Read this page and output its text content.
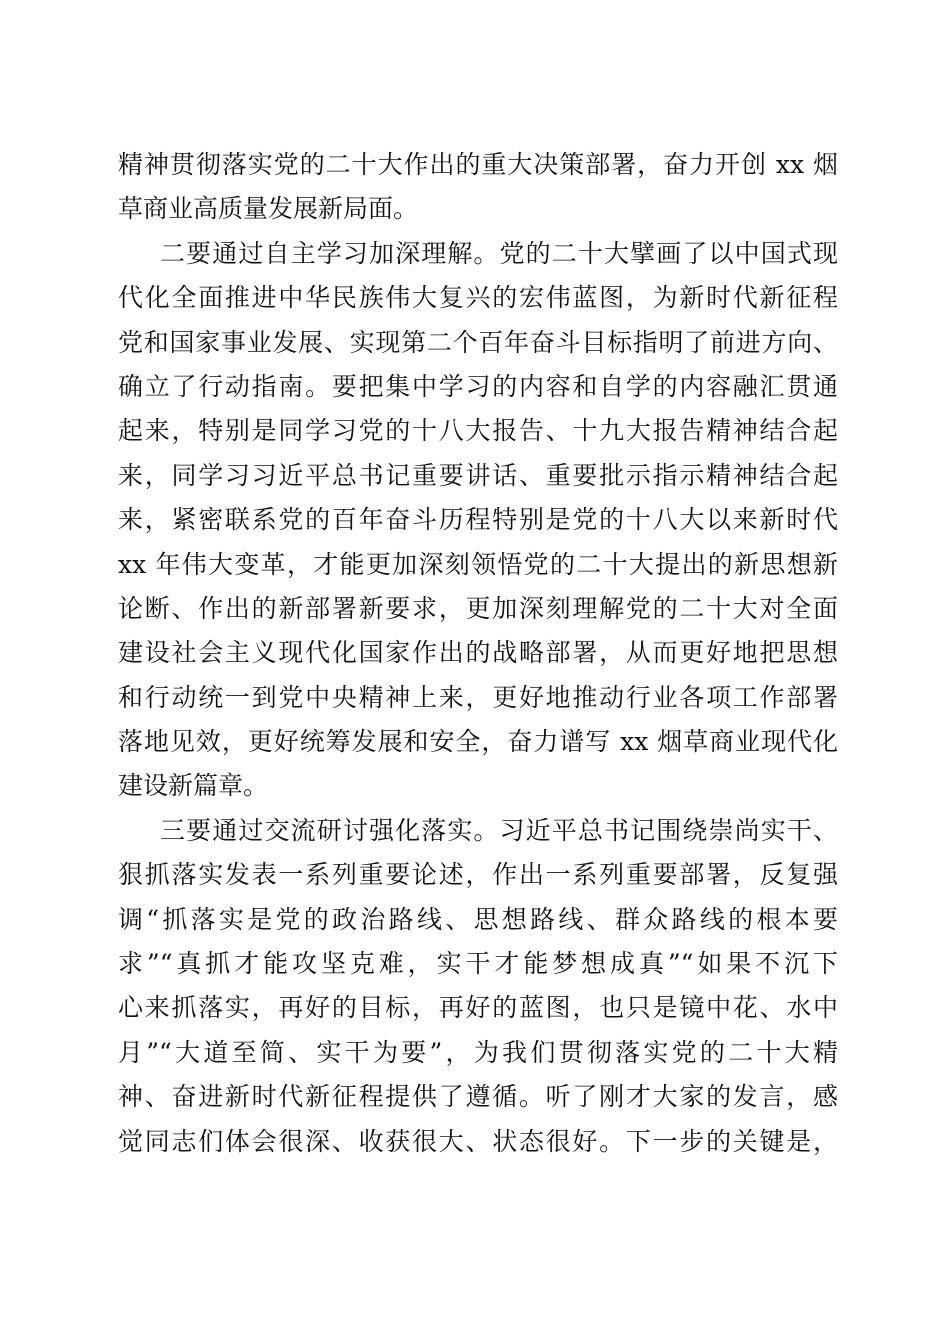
精神贯彻落实党的二十大作出的重大决策部署，奋力开创 xx 烟
草商业高质量发展新局面。
二要通过自主学习加深理解。党的二十大擘画了以中国式现
代化全面推进中华民族伟大复兴的宏伟蓝图，为新时代新征程
党和国家事业发展、实现第二个百年奋斗目标指明了前进方向、
确立了行动指南。要把集中学习的内容和自学的内容融汇贯通
起来，特别是同学习党的十八大报告、十九大报告精神结合起
来，同学习习近平总书记重要讲话、重要批示指示精神结合起
来，紧密联系党的百年奋斗历程特别是党的十八大以来新时代
xx 年伟大变革，才能更加深刻领悟党的二十大提出的新思想新
论断、作出的新部署新要求，更加深刻理解党的二十大对全面
建设社会主义现代化国家作出的战略部署，从而更好地把思想
和行动统一到党中央精神上来，更好地推动行业各项工作部署
落地见效，更好统筹发展和安全，奋力谱写 xx 烟草商业现代化
建设新篇章。
三要通过交流研讨强化落实。习近平总书记围绕崇尚实干、
狠抓落实发表一系列重要论述，作出一系列重要部署，反复强
调“抓落实是党的政治路线、思想路线、群众路线的根本要
求”“真抓才能攻坚克难，实干才能梦想成真”“如果不沉下
心来抓落实，再好的目标，再好的蓝图，也只是镜中花、水中
月”“大道至简、实干为要”，为我们贯彻落实党的二十大精
神、奋进新时代新征程提供了遵循。听了刚才大家的发言，感
觉同志们体会很深、收获很大、状态很好。下一步的关键是，
